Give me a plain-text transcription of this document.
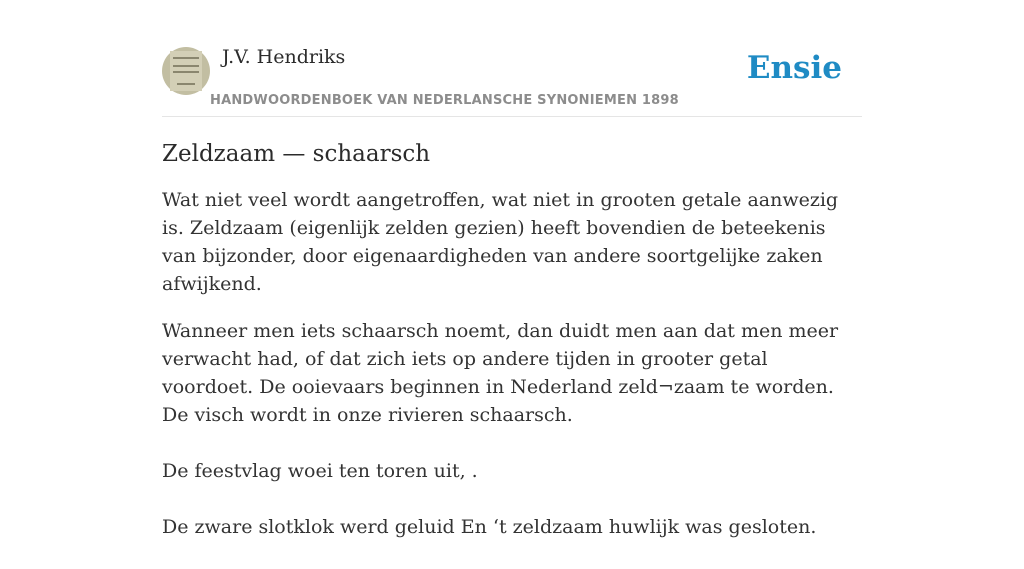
J.V. Hendriks
HANDWOORDENBOEK VAN NEDERLANSCHE SYNONIEMEN 1898
Ensie
Zeldzaam — schaarsch

Wat niet veel wordt aangetroffen, wat niet in grooten getale aanwezig is. Zeldzaam (eigenlijk zelden gezien) heeft bovendien de beteekenis van bijzonder, door eigenaardigheden van andere soortgelijke zaken afwijkend.

Wanneer men iets schaarsch noemt, dan duidt men aan dat men meer verwacht had, of dat zich iets op andere tijden in grooter getal voordoet. De ooievaars beginnen in Nederland zeld¬zaam te worden. De visch wordt in onze rivieren schaarsch.

De feestvlag woei ten toren uit, .

De zware slotklok werd geluid En ‘t zeldzaam huwlijk was gesloten.
